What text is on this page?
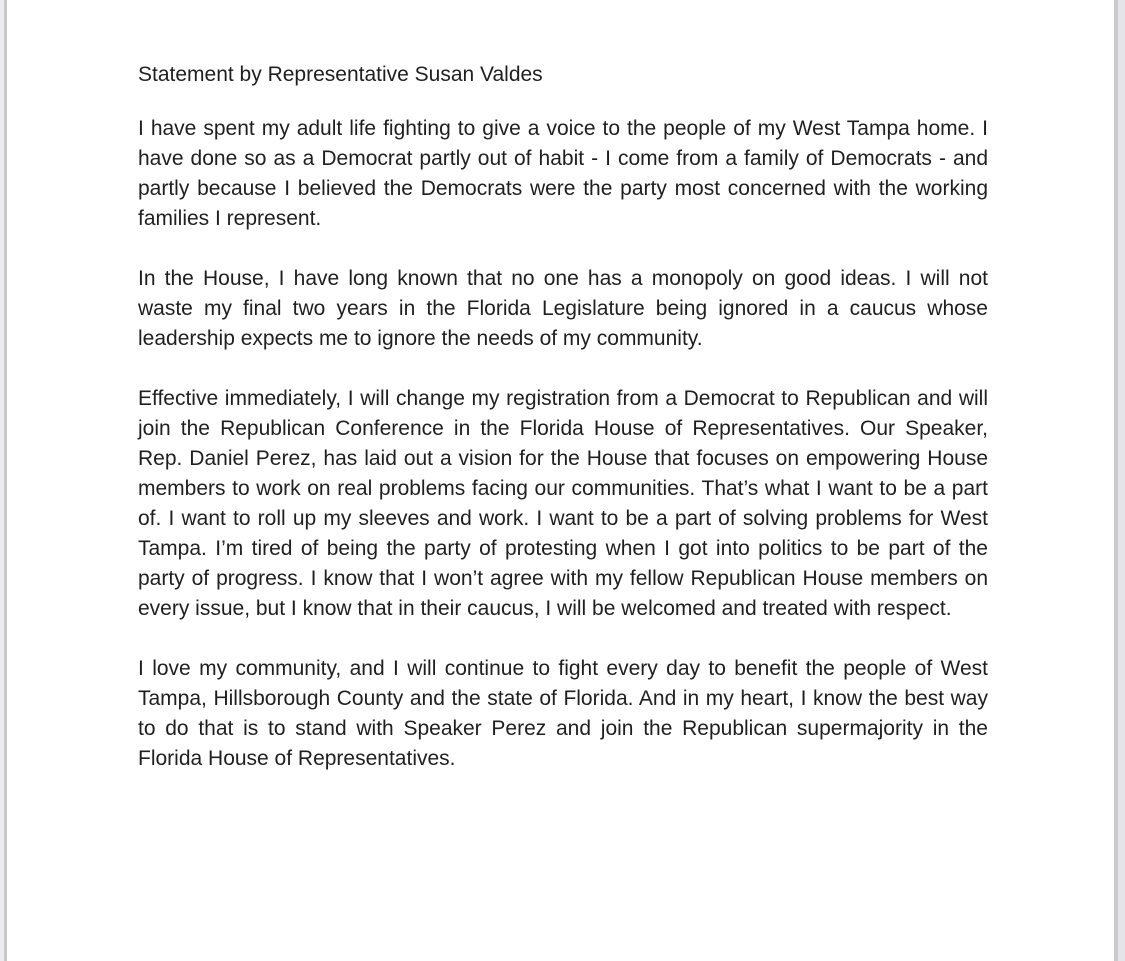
Statement by Representative Susan Valdes

I have spent my adult life fighting to give a voice to the people of my West Tampa home. I have done so as a Democrat partly out of habit - I come from a family of Democrats - and partly because I believed the Democrats were the party most concerned with the working families I represent.

In the House, I have long known that no one has a monopoly on good ideas. I will not waste my final two years in the Florida Legislature being ignored in a caucus whose leadership expects me to ignore the needs of my community.

Effective immediately, I will change my registration from a Democrat to Republican and will join the Republican Conference in the Florida House of Representatives. Our Speaker, Rep. Daniel Perez, has laid out a vision for the House that focuses on empowering House members to work on real problems facing our communities. That’s what I want to be a part of. I want to roll up my sleeves and work. I want to be a part of solving problems for West Tampa. I’m tired of being the party of protesting when I got into politics to be part of the party of progress. I know that I won’t agree with my fellow Republican House members on every issue, but I know that in their caucus, I will be welcomed and treated with respect.

I love my community, and I will continue to fight every day to benefit the people of West Tampa, Hillsborough County and the state of Florida. And in my heart, I know the best way to do that is to stand with Speaker Perez and join the Republican supermajority in the Florida House of Representatives.
